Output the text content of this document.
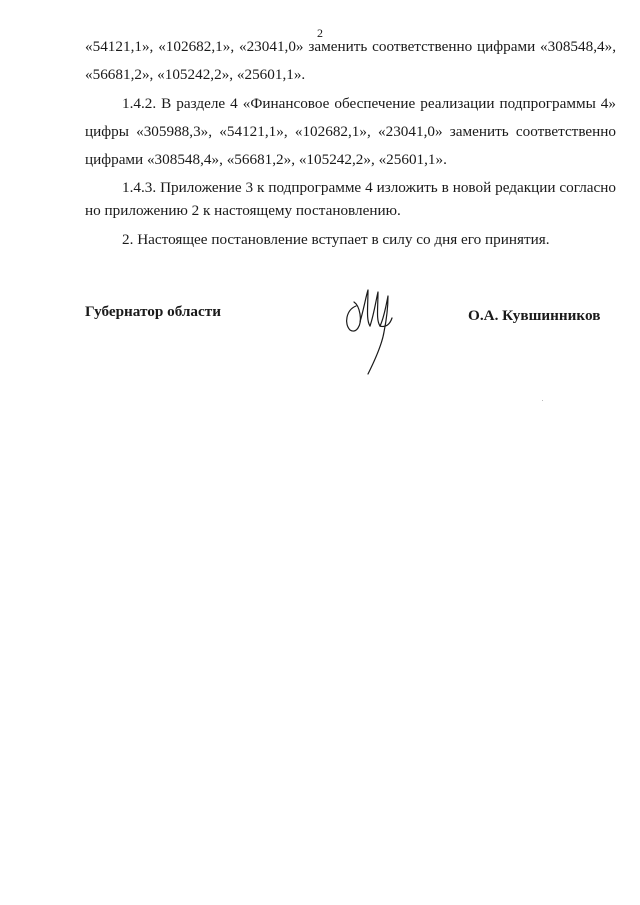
2
«54121,1», «102682,1», «23041,0» заменить соответственно цифрами «308548,4»,
«56681,2», «105242,2», «25601,1».
1.4.2. В разделе 4 «Финансовое обеспечение реализации подпрограммы 4»
цифры «305988,3», «54121,1», «102682,1», «23041,0» заменить соответственно
цифрами «308548,4», «56681,2», «105242,2», «25601,1».
1.4.3. Приложение 3 к подпрограмме 4 изложить в новой редакции согласно
но приложению 2 к настоящему постановлению.
2. Настоящее постановление вступает в силу со дня его принятия.
Губернатор области	О.А. Кувшинников
